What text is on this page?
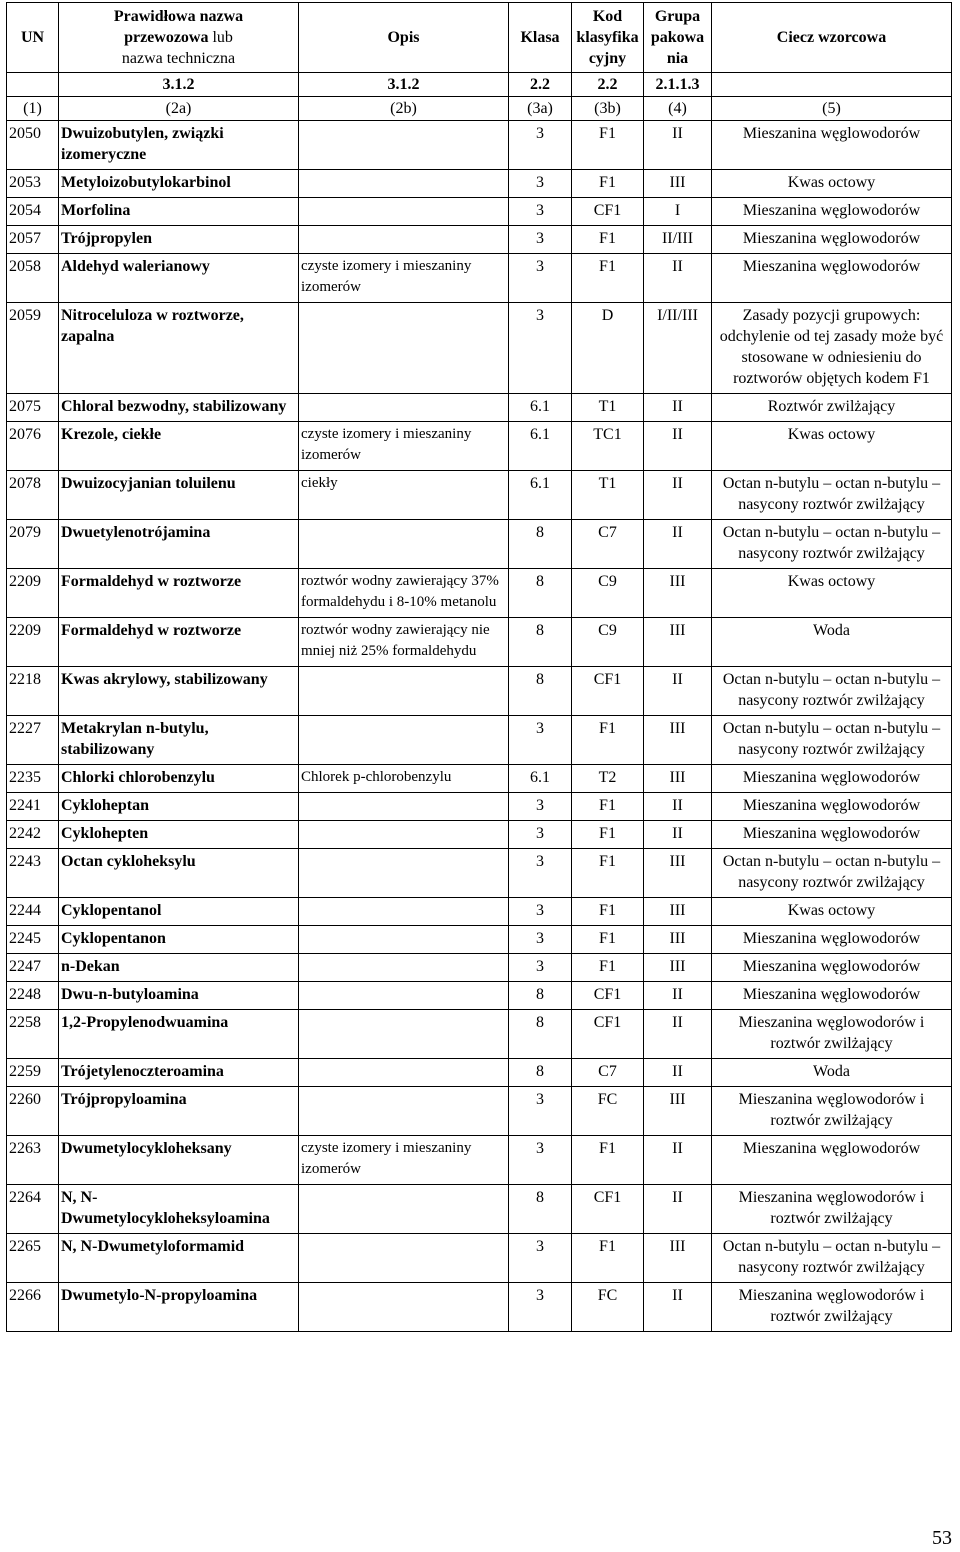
UN	Prawidłowa nazwa
przewozowa lub
nazwa techniczna	Opis	Klasa	Kod
klasyfika
cyjny	Grupa
pakowa
nia	Ciecz wzorcowa
	3.1.2	3.1.2	2.2	2.2	2.1.1.3	
(1)	(2a)	(2b)	(3a)	(3b)	(4)	(5)
2050	Dwuizobutylen, związki izomeryczne		3	F1	II	Mieszanina węglowodorów
2053	Metyloizobutylokarbinol		3	F1	III	Kwas octowy
2054	Morfolina		3	CF1	I	Mieszanina węglowodorów
2057	Trójpropylen		3	F1	II/III	Mieszanina węglowodorów
2058	Aldehyd walerianowy	czyste izomery i mieszaniny izomerów	3	F1	II	Mieszanina węglowodorów
2059	Nitroceluloza w roztworze, zapalna		3	D	I/II/III	Zasady pozycji grupowych: odchylenie od tej zasady może być stosowane w odniesieniu do roztworów objętych kodem F1
2075	Chloral bezwodny, stabilizowany		6.1	T1	II	Roztwór zwilżający
2076	Krezole, ciekłe	czyste izomery i mieszaniny izomerów	6.1	TC1	II	Kwas octowy
2078	Dwuizocyjanian toluilenu	ciekły	6.1	T1	II	Octan n-butylu – octan n-butylu –nasycony roztwór zwilżający
2079	Dwuetylenotrójamina		8	C7	II	Octan n-butylu – octan n-butylu –nasycony roztwór zwilżający
2209	Formaldehyd w roztworze	roztwór wodny zawierający 37% formaldehydu i 8-10% metanolu	8	C9	III	Kwas octowy
2209	Formaldehyd w roztworze	roztwór wodny zawierający nie mniej niż 25% formaldehydu	8	C9	III	Woda
2218	Kwas akrylowy, stabilizowany		8	CF1	II	Octan n-butylu – octan n-butylu –nasycony roztwór zwilżający
2227	Metakrylan n-butylu, stabilizowany		3	F1	III	Octan n-butylu – octan n-butylu –nasycony roztwór zwilżający
2235	Chlorki chlorobenzylu	Chlorek p-chlorobenzylu	6.1	T2	III	Mieszanina węglowodorów
2241	Cykloheptan		3	F1	II	Mieszanina węglowodorów
2242	Cyklohepten		3	F1	II	Mieszanina węglowodorów
2243	Octan cykloheksylu		3	F1	III	Octan n-butylu – octan n-butylu –nasycony roztwór zwilżający
2244	Cyklopentanol		3	F1	III	Kwas octowy
2245	Cyklopentanon		3	F1	III	Mieszanina węglowodorów
2247	n-Dekan		3	F1	III	Mieszanina węglowodorów
2248	Dwu-n-butyloamina		8	CF1	II	Mieszanina węglowodorów
2258	1,2-Propylenodwuamina		8	CF1	II	Mieszanina węglowodorów i roztwór zwilżający
2259	Trójetylenoczteroamina		8	C7	II	Woda
2260	Trójpropyloamina		3	FC	III	Mieszanina węglowodorów i roztwór zwilżający
2263	Dwumetylocykloheksany	czyste izomery i mieszaniny izomerów	3	F1	II	Mieszanina węglowodorów
2264	N, N-Dwumetylocykloheksyloamina		8	CF1	II	Mieszanina węglowodorów i roztwór zwilżający
2265	N, N-Dwumetyloformamid		3	F1	III	Octan n-butylu – octan n-butylu –nasycony roztwór zwilżający
2266	Dwumetylo-N-propyloamina		3	FC	II	Mieszanina węglowodorów i roztwór zwilżający
53
